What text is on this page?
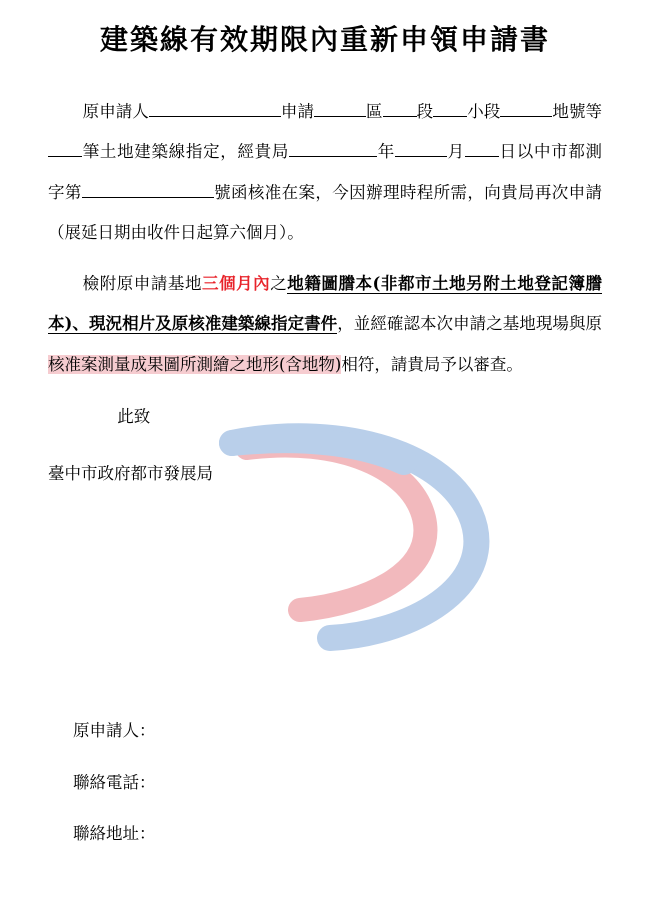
建築線有效期限內重新申領申請書

原申請人	申請	區 段 小段	地號等筆土地建築線指定，經貴局	年	月 日以中市都測字第	號函核准在案，今因辦理時程所需，向貴局再次申請（展延日期由收件日起算六個月）。

檢附原申請基地三個月內之地籍圖謄本(非都市土地另附土地登記簿謄本)、現況相片及原核准建築線指定書件，並經確認本次申請之基地現場與原核准案測量成果圖所測繪之地形(含地物)相符，請貴局予以審查。

此致

臺中市政府都市發展局

原申請人：
聯絡電話：
聯絡地址：
